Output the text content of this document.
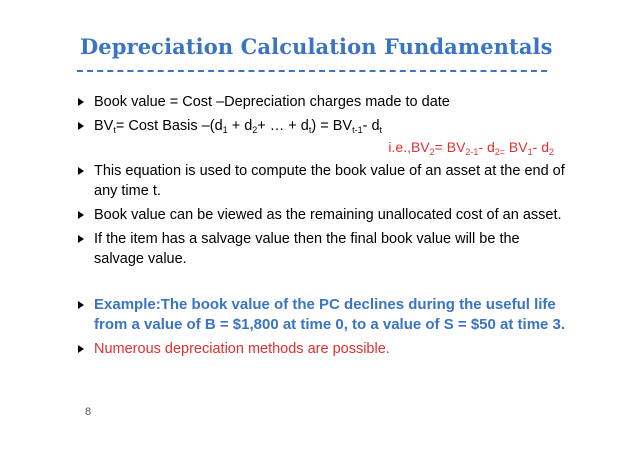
Depreciation Calculation Fundamentals
Book value = Cost –Depreciation charges made to date
$BV_t=$ Cost Basis $-(d_1 + d_2+$ … + $d_t) = BV_{t-1}-$ $d_t$
$i.e.,BV_2= BV_{2-1}-$ $d_{2=}$ $BV_1-$ $d_2$
This equation is used to compute the book value of an asset at the end of any time t.
Book value can be viewed as the remaining unallocated cost of an asset.
If the item has a salvage value then the final book value will be the salvage value.
Example:The book value of the PC declines during the useful life from a value of B = $1,800 at time 0, to a value of S = $50 at time 3.
Numerous depreciation methods are possible.
8
